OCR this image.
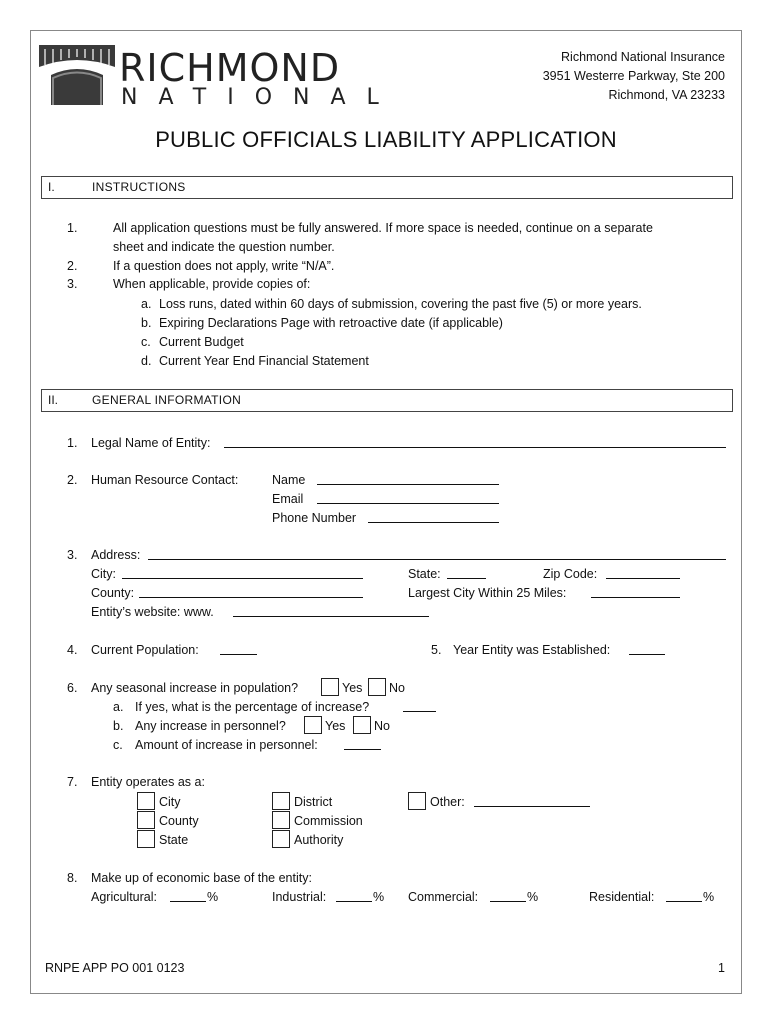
RICHMOND
NATIONAL
Richmond National Insurance
3951 Westerre Parkway, Ste 200
Richmond, VA 23233
PUBLIC OFFICIALS LIABILITY APPLICATION
I.	INSTRUCTIONS
1.	All application questions must be fully answered. If more space is needed, continue on a separate
sheet and indicate the question number.
2.	If a question does not apply, write “N/A”.
3.	When applicable, provide copies of:
a. Loss runs, dated within 60 days of submission, covering the past five (5) or more years.
b. Expiring Declarations Page with retroactive date (if applicable)
c. Current Budget
d. Current Year End Financial Statement
II.	GENERAL INFORMATION
1. Legal Name of Entity:
2. Human Resource Contact:	Name
Email
Phone Number
3. Address:
City:	State:	Zip Code:
County:	Largest City Within 25 Miles:
Entity’s website: www.
4. Current Population:	5. Year Entity was Established:
6. Any seasonal increase in population?	Yes No
a. If yes, what is the percentage of increase?
b. Any increase in personnel?	Yes No
c. Amount of increase in personnel:
7. Entity operates as a:
City
County
State
District
Commission
Authority
Other:
8. Make up of economic base of the entity:
Agricultural:	%	Industrial:	% Commercial:	%	Residential:	%
RNPE APP PO 001 0123	1
